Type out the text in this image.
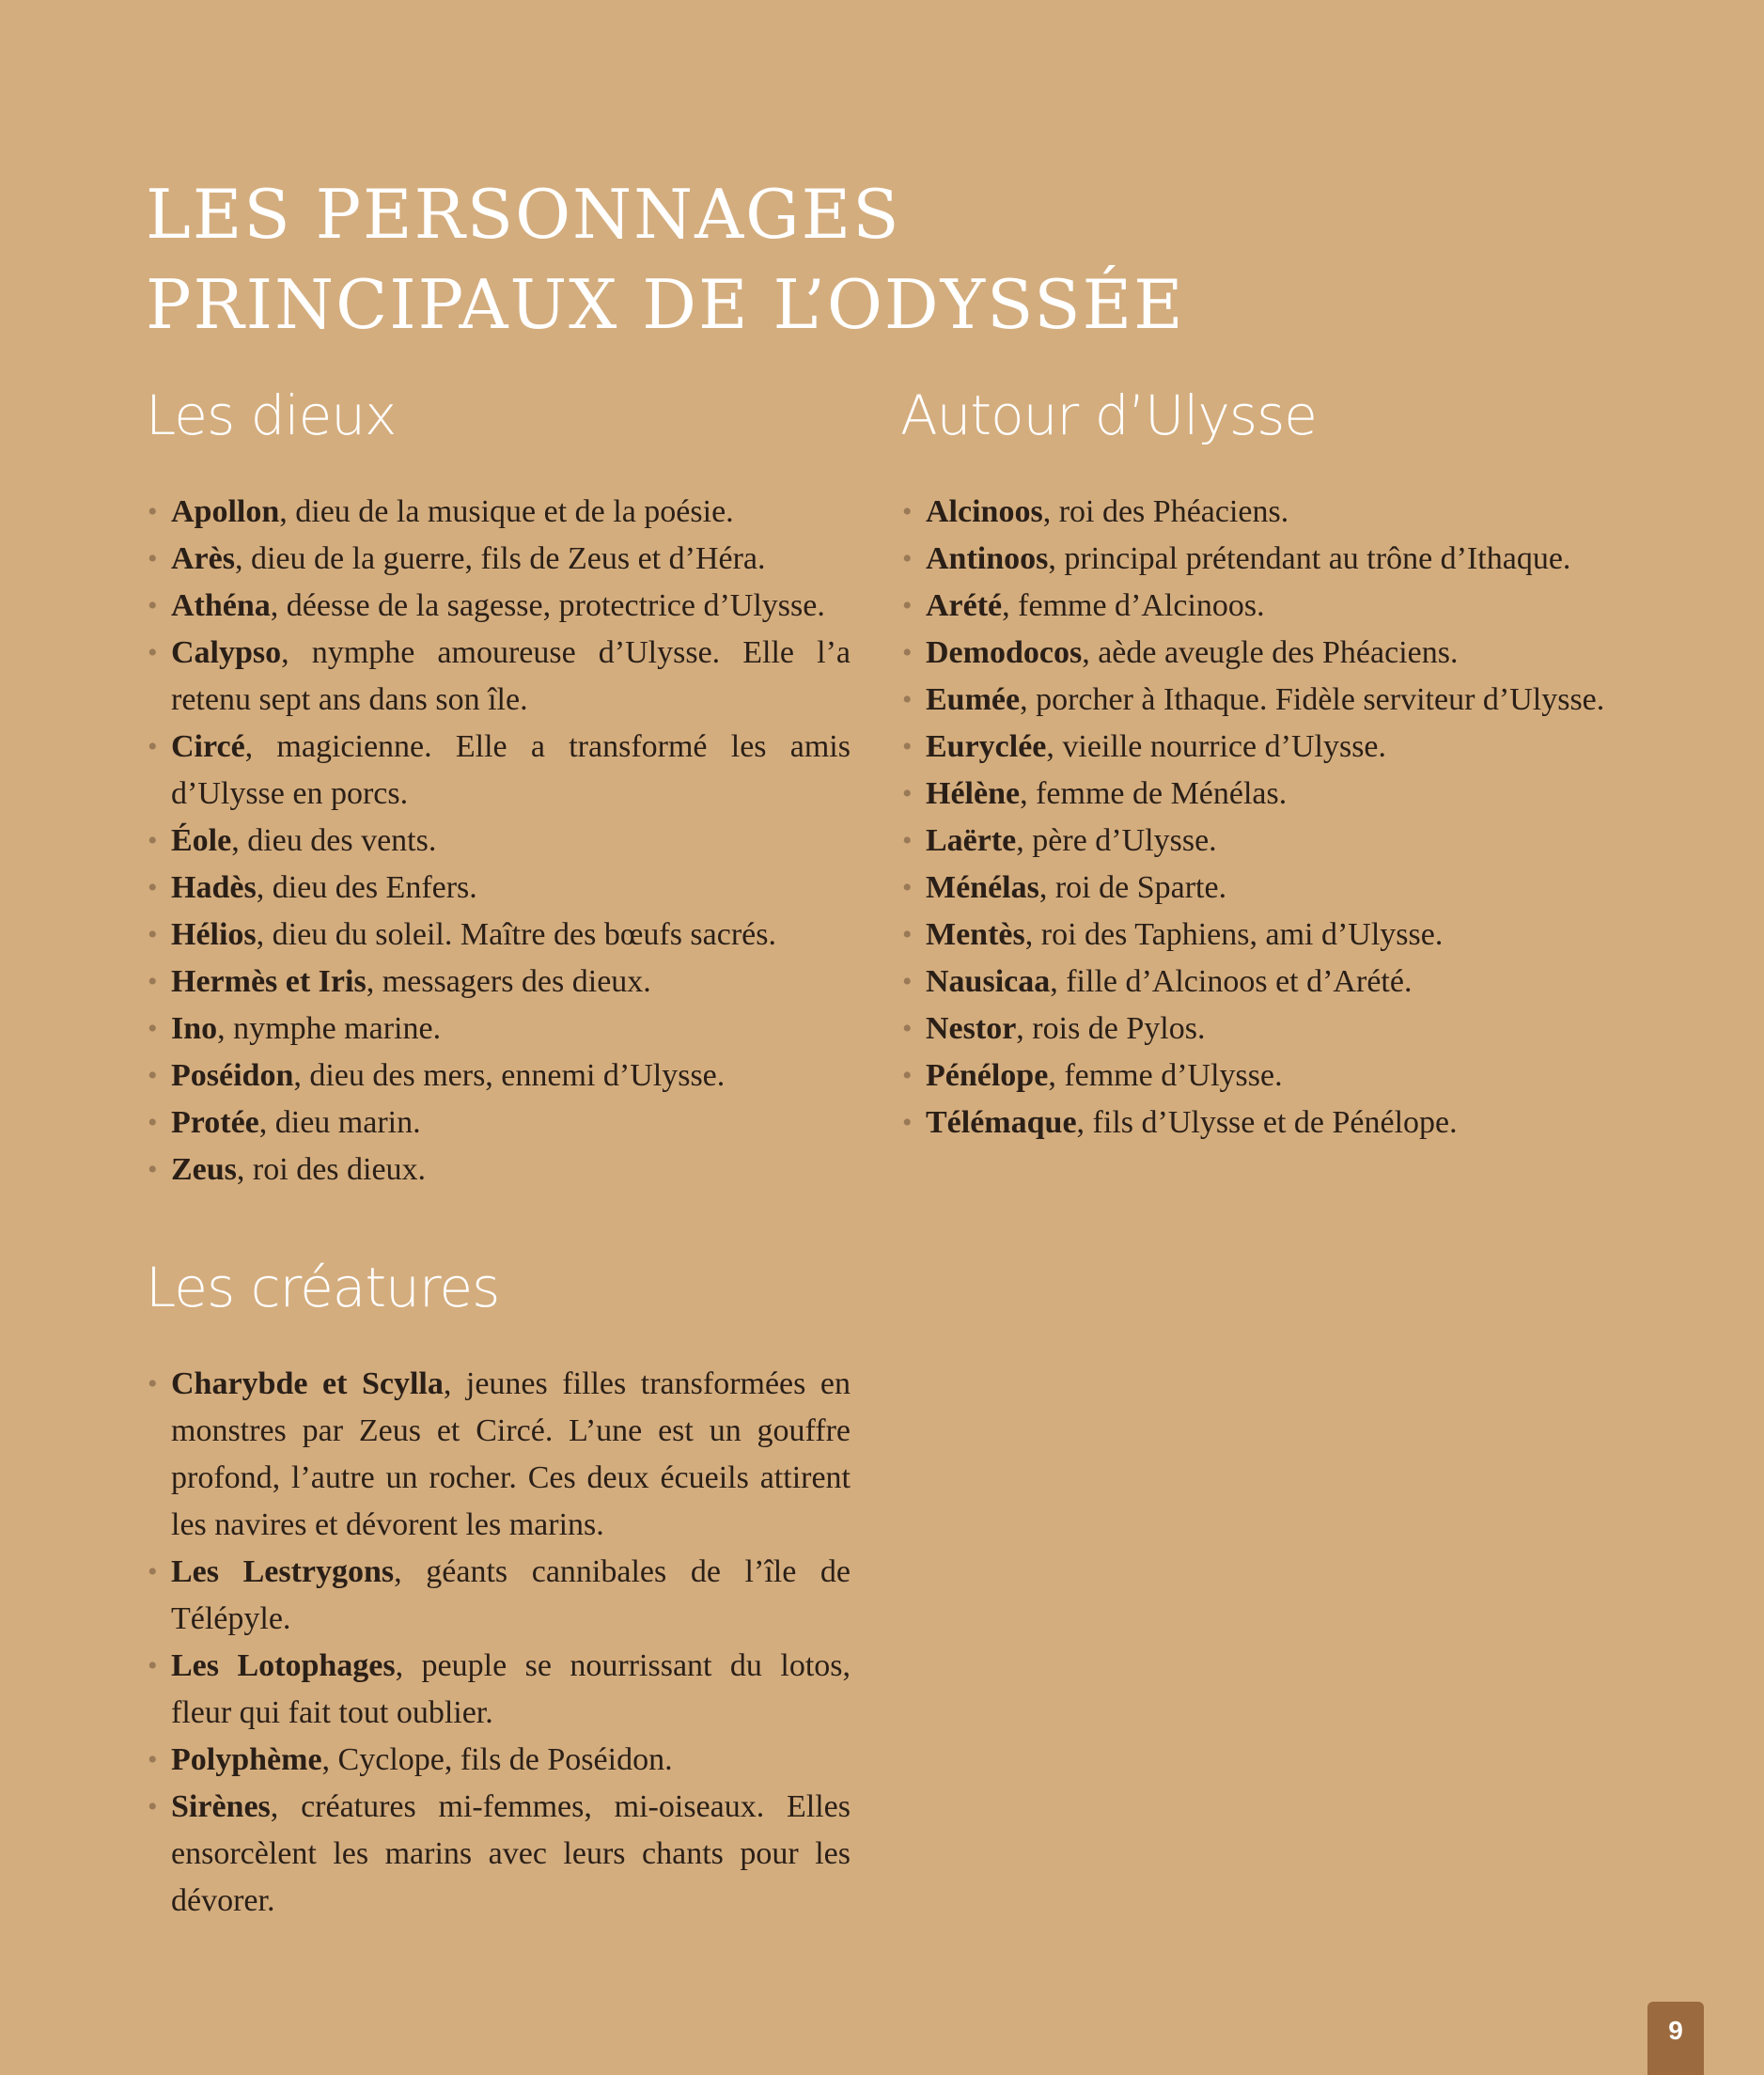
LES PERSONNAGES
PRINCIPAUX DE L’ODYSSÉE
Les dieux
• Apollon, dieu de la musique et de la poésie.
• Arès, dieu de la guerre, fils de Zeus et d’Héra.
• Athéna, déesse de la sagesse, protectrice d’Ulysse.
• Calypso, nymphe amoureuse d’Ulysse. Elle l’a retenu sept ans dans son île.
• Circé, magicienne. Elle a transformé les amis d’Ulysse en porcs.
• Éole, dieu des vents.
• Hadès, dieu des Enfers.
• Hélios, dieu du soleil. Maître des bœufs sacrés.
• Hermès et Iris, messagers des dieux.
• Ino, nymphe marine.
• Poséidon, dieu des mers, ennemi d’Ulysse.
• Protée, dieu marin.
• Zeus, roi des dieux.
Les créatures
• Charybde et Scylla, jeunes filles transformées en monstres par Zeus et Circé. L’une est un gouffre profond, l’autre un rocher. Ces deux écueils attirent les navires et dévorent les marins.
• Les Lestrygons, géants cannibales de l’île de Télépyle.
• Les Lotophages, peuple se nourrissant du lotos, fleur qui fait tout oublier.
• Polyphème, Cyclope, fils de Poséidon.
• Sirènes, créatures mi-femmes, mi-oiseaux. Elles ensorcèlent les marins avec leurs chants pour les dévorer.
Autour d’Ulysse
• Alcinoos, roi des Phéaciens.
• Antinoos, principal prétendant au trône d’Ithaque.
• Arété, femme d’Alcinoos.
• Demodocos, aède aveugle des Phéaciens.
• Eumée, porcher à Ithaque. Fidèle serviteur d’Ulysse.
• Euryclée, vieille nourrice d’Ulysse.
• Hélène, femme de Ménélas.
• Laërte, père d’Ulysse.
• Ménélas, roi de Sparte.
• Mentès, roi des Taphiens, ami d’Ulysse.
• Nausicaa, fille d’Alcinoos et d’Arété.
• Nestor, rois de Pylos.
• Pénélope, femme d’Ulysse.
• Télémaque, fils d’Ulysse et de Pénélope.
9
